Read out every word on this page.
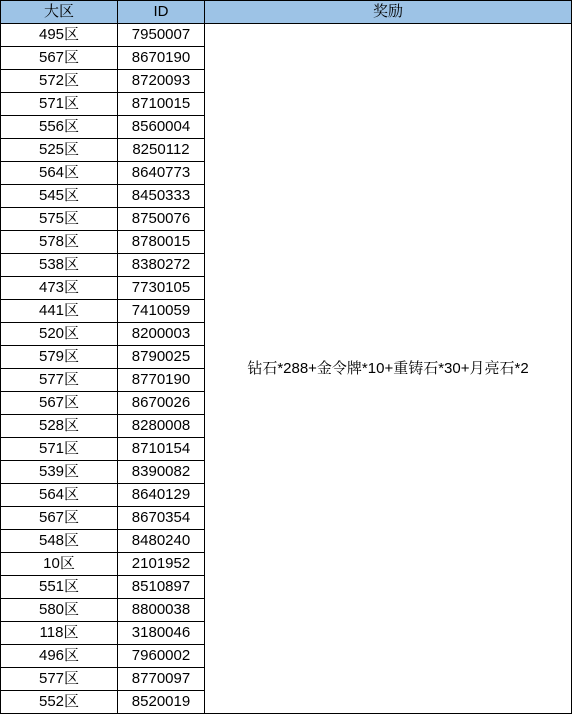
大区	ID	奖励
495区	7950007	钻石*288+金令牌*10+重铸石*30+月亮石*2
567区	8670190	
572区	8720093	
571区	8710015	
556区	8560004	
525区	8250112	
564区	8640773	
545区	8450333	
575区	8750076	
578区	8780015	
538区	8380272	
473区	7730105	
441区	7410059	
520区	8200003	
579区	8790025	
577区	8770190	
567区	8670026	
528区	8280008	
571区	8710154	
539区	8390082	
564区	8640129	
567区	8670354	
548区	8480240	
10区	2101952	
551区	8510897	
580区	8800038	
118区	3180046	
496区	7960002	
577区	8770097	
552区	8520019	
